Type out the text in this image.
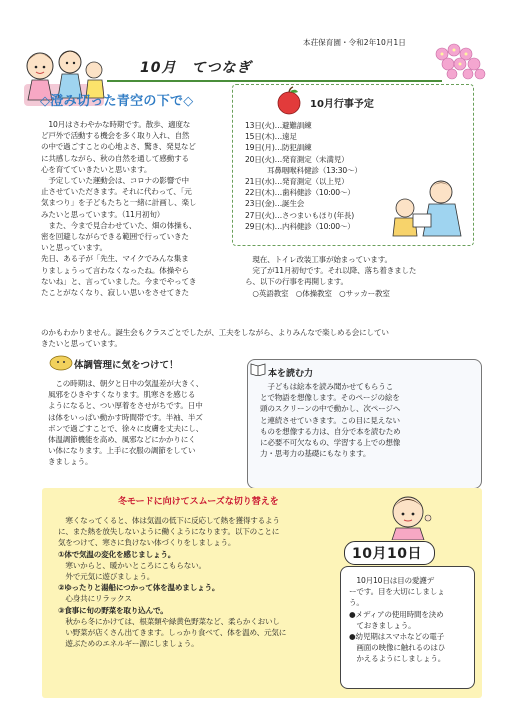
本荘保育園・令和2年10月1日
10月　てつなぎ
◇澄み切った青空の下で◇
　10月はさわやかな時期です。散歩、適度な
ど戸外で活動する機会を多く取り入れ、自然
の中で過ごすことの心地よさ、驚き、発見など
に共感しながら、秋の自然を通して感動する
心を育てていきたいと思います。
　予定していた運動会は、コロナの影響で中
止させていただきます。それに代わって、「元
気まつり」を子どもたちと一緒に計画し、楽し
みたいと思っています。（11月初旬）
　また、今まで見合わせていた、畑の体操も、
密を回避しながらできる範囲で行っていきた
いと思っています。
先日、ある子が「先生、マイクでみんな集ま
りましょうって言わなくなったね。体操やら
ないね」と、言っていました。今までやってき
たことがなくなり、寂しい思いをさせてきた
のかもわかりません。誕生会もクラスごとでしたが、工夫をしながら、よりみんなで楽しめる会にしてい
きたいと思っています。
10月行事予定
13日(火)…避難訓練
15日(木)…遠足
19日(月)…防犯訓練
20日(火)…発育測定（未満児）
耳鼻咽喉科健診（13:30～）
21日(水)…発育測定（以上児）
22日(木)…歯科健診（10:00～）
23日(金)…誕生会
27日(火)…さつまいもほり(年長)
29日(木)…内科健診（10:00～）
　現在、トイレ改装工事が始まっています。
　完了が11月初旬です。それ以降、落ち着きました
ら、以下の行事を再開します。
　○英語教室　○体操教室　○サッカー教室
体調管理に気をつけて！
　この時期は、朝夕と日中の気温差が大きく、
風邪をひきやすくなります。肌寒さを感じる
ようになると、つい厚着をさせがちです。日中
は体をいっぱい動かす時間帯です。半袖、半ズ
ボンで過ごすことで、徐々に皮膚を丈夫にし、
体温調節機能を高め、風邪などにかかりにく
い体になります。上手に衣服の調節をしてい
きましょう。
本を読む力
　子どもは絵本を読み聞かせてもらうこ
とで物語を想像します。そのページの絵を
頭のスクリーンの中で動かし、次ページへ
と連続させていきます。この目に見えない
ものを想像する力は、自分で本を読むため
に必要不可欠なもの、学習する上での想像
力・思考力の基礎にもなります。
冬モードに向けてスムーズな切り替えを
　寒くなってくると、体は気温の低下に反応して熱を獲得するよう
に、また熱を放失しないように働くようになります。以下のことに
気をつけて、寒さに負けない体づくりをしましょう。
①体で気温の変化を感じましょう。
　寒いからと、暖かいところにこもらない。
　外で元気に遊びましょう。
②ゆったりと湯船につかって体を温めましょう。
　心身共にリラックス
③食事に旬の野菜を取り込んで。
　秋から冬にかけては、根菜類や緑黄色野菜など、柔らかくおいし
　い野菜が店くさん出てきます。しっかり食べて、体を温め、元気に
　遊ぶためのエネルギー源にしましょう。
10月10日
　10月10日は目の愛護デ
ーです。目を大切にしましょ
う。
●メディアの使用時間を決め
　ておきましょう。
●幼児期はスマホなどの電子
　画面の映像に触れるのはひ
　かえるようにしましょう。
